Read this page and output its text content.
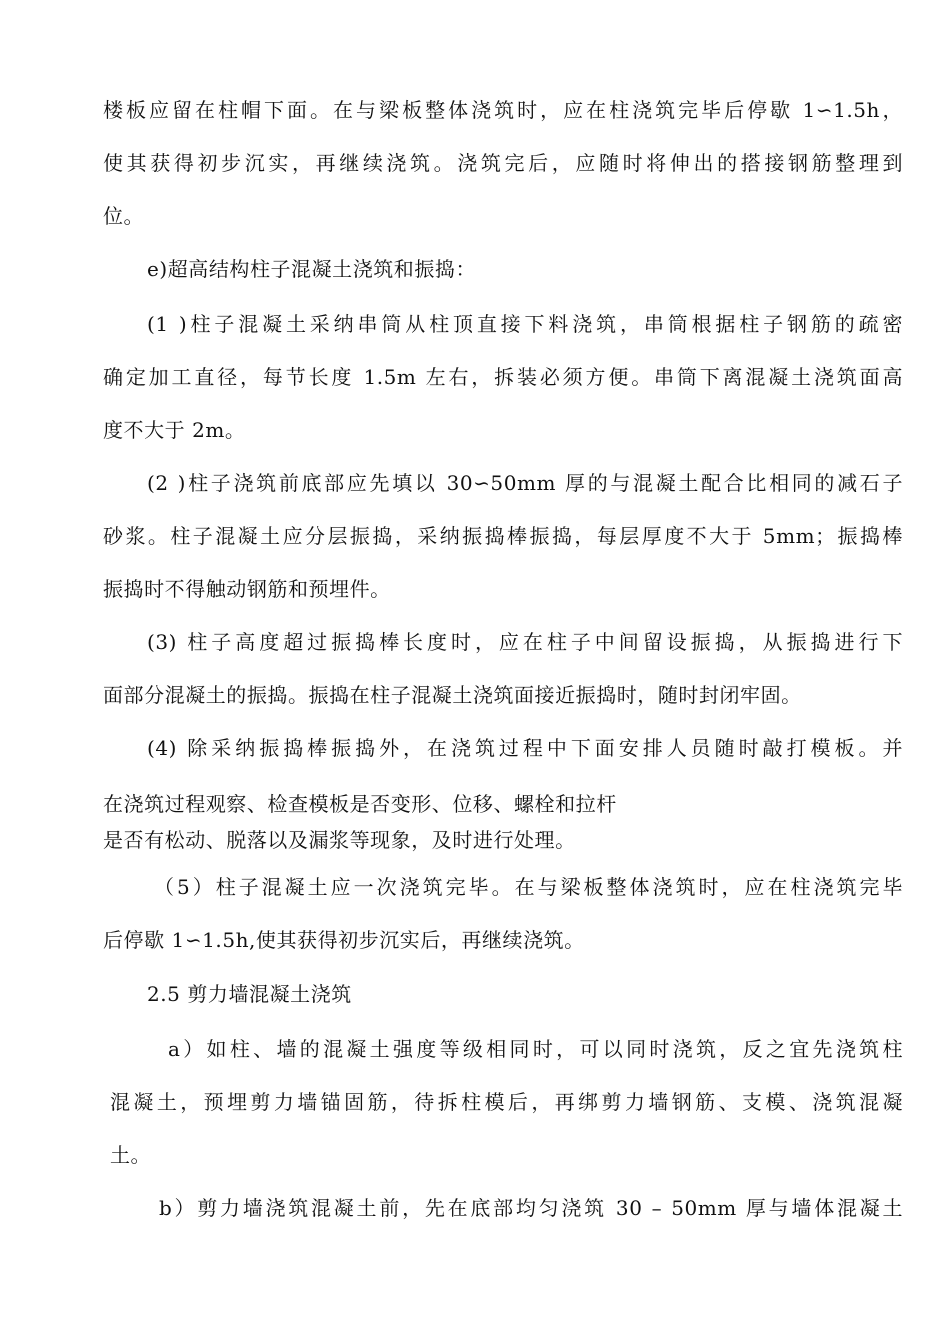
楼板应留在柱帽下面。在与梁板整体浇筑时，应在柱浇筑完毕后停歇 1∽1.5h，
使其获得初步沉实，再继续浇筑。浇筑完后，应随时将伸出的搭接钢筋整理到
位。
e)超高结构柱子混凝土浇筑和振捣：
(1 )柱子混凝土采纳串筒从柱顶直接下料浇筑，串筒根据柱子钢筋的疏密
确定加工直径，每节长度 1.5m 左右，拆装必须方便。串筒下离混凝土浇筑面高
度不大于 2m。
(2 )柱子浇筑前底部应先填以 30∽50mm 厚的与混凝土配合比相同的减石子
砂浆。柱子混凝土应分层振捣，采纳振捣棒振捣，每层厚度不大于 5mm；振捣棒
振捣时不得触动钢筋和预埋件。
(3) 柱子高度超过振捣棒长度时，应在柱子中间留设振捣，从振捣进行下
面部分混凝土的振捣。振捣在柱子混凝土浇筑面接近振捣时，随时封闭牢固。
(4) 除采纳振捣棒振捣外，在浇筑过程中下面安排人员随时敲打模板。并
在浇筑过程观察、检查模板是否变形、位移、螺栓和拉杆
是否有松动、脱落以及漏浆等现象，及时进行处理。
（5）柱子混凝土应一次浇筑完毕。在与梁板整体浇筑时，应在柱浇筑完毕
后停歇 1∽1.5h,使其获得初步沉实后，再继续浇筑。
2.5 剪力墙混凝土浇筑
a）如柱、墙的混凝土强度等级相同时，可以同时浇筑，反之宜先浇筑柱
混凝土，预埋剪力墙锚固筋，待拆柱模后，再绑剪力墙钢筋、支模、浇筑混凝
土。
b）剪力墙浇筑混凝土前，先在底部均匀浇筑 30 – 50mm 厚与墙体混凝土
